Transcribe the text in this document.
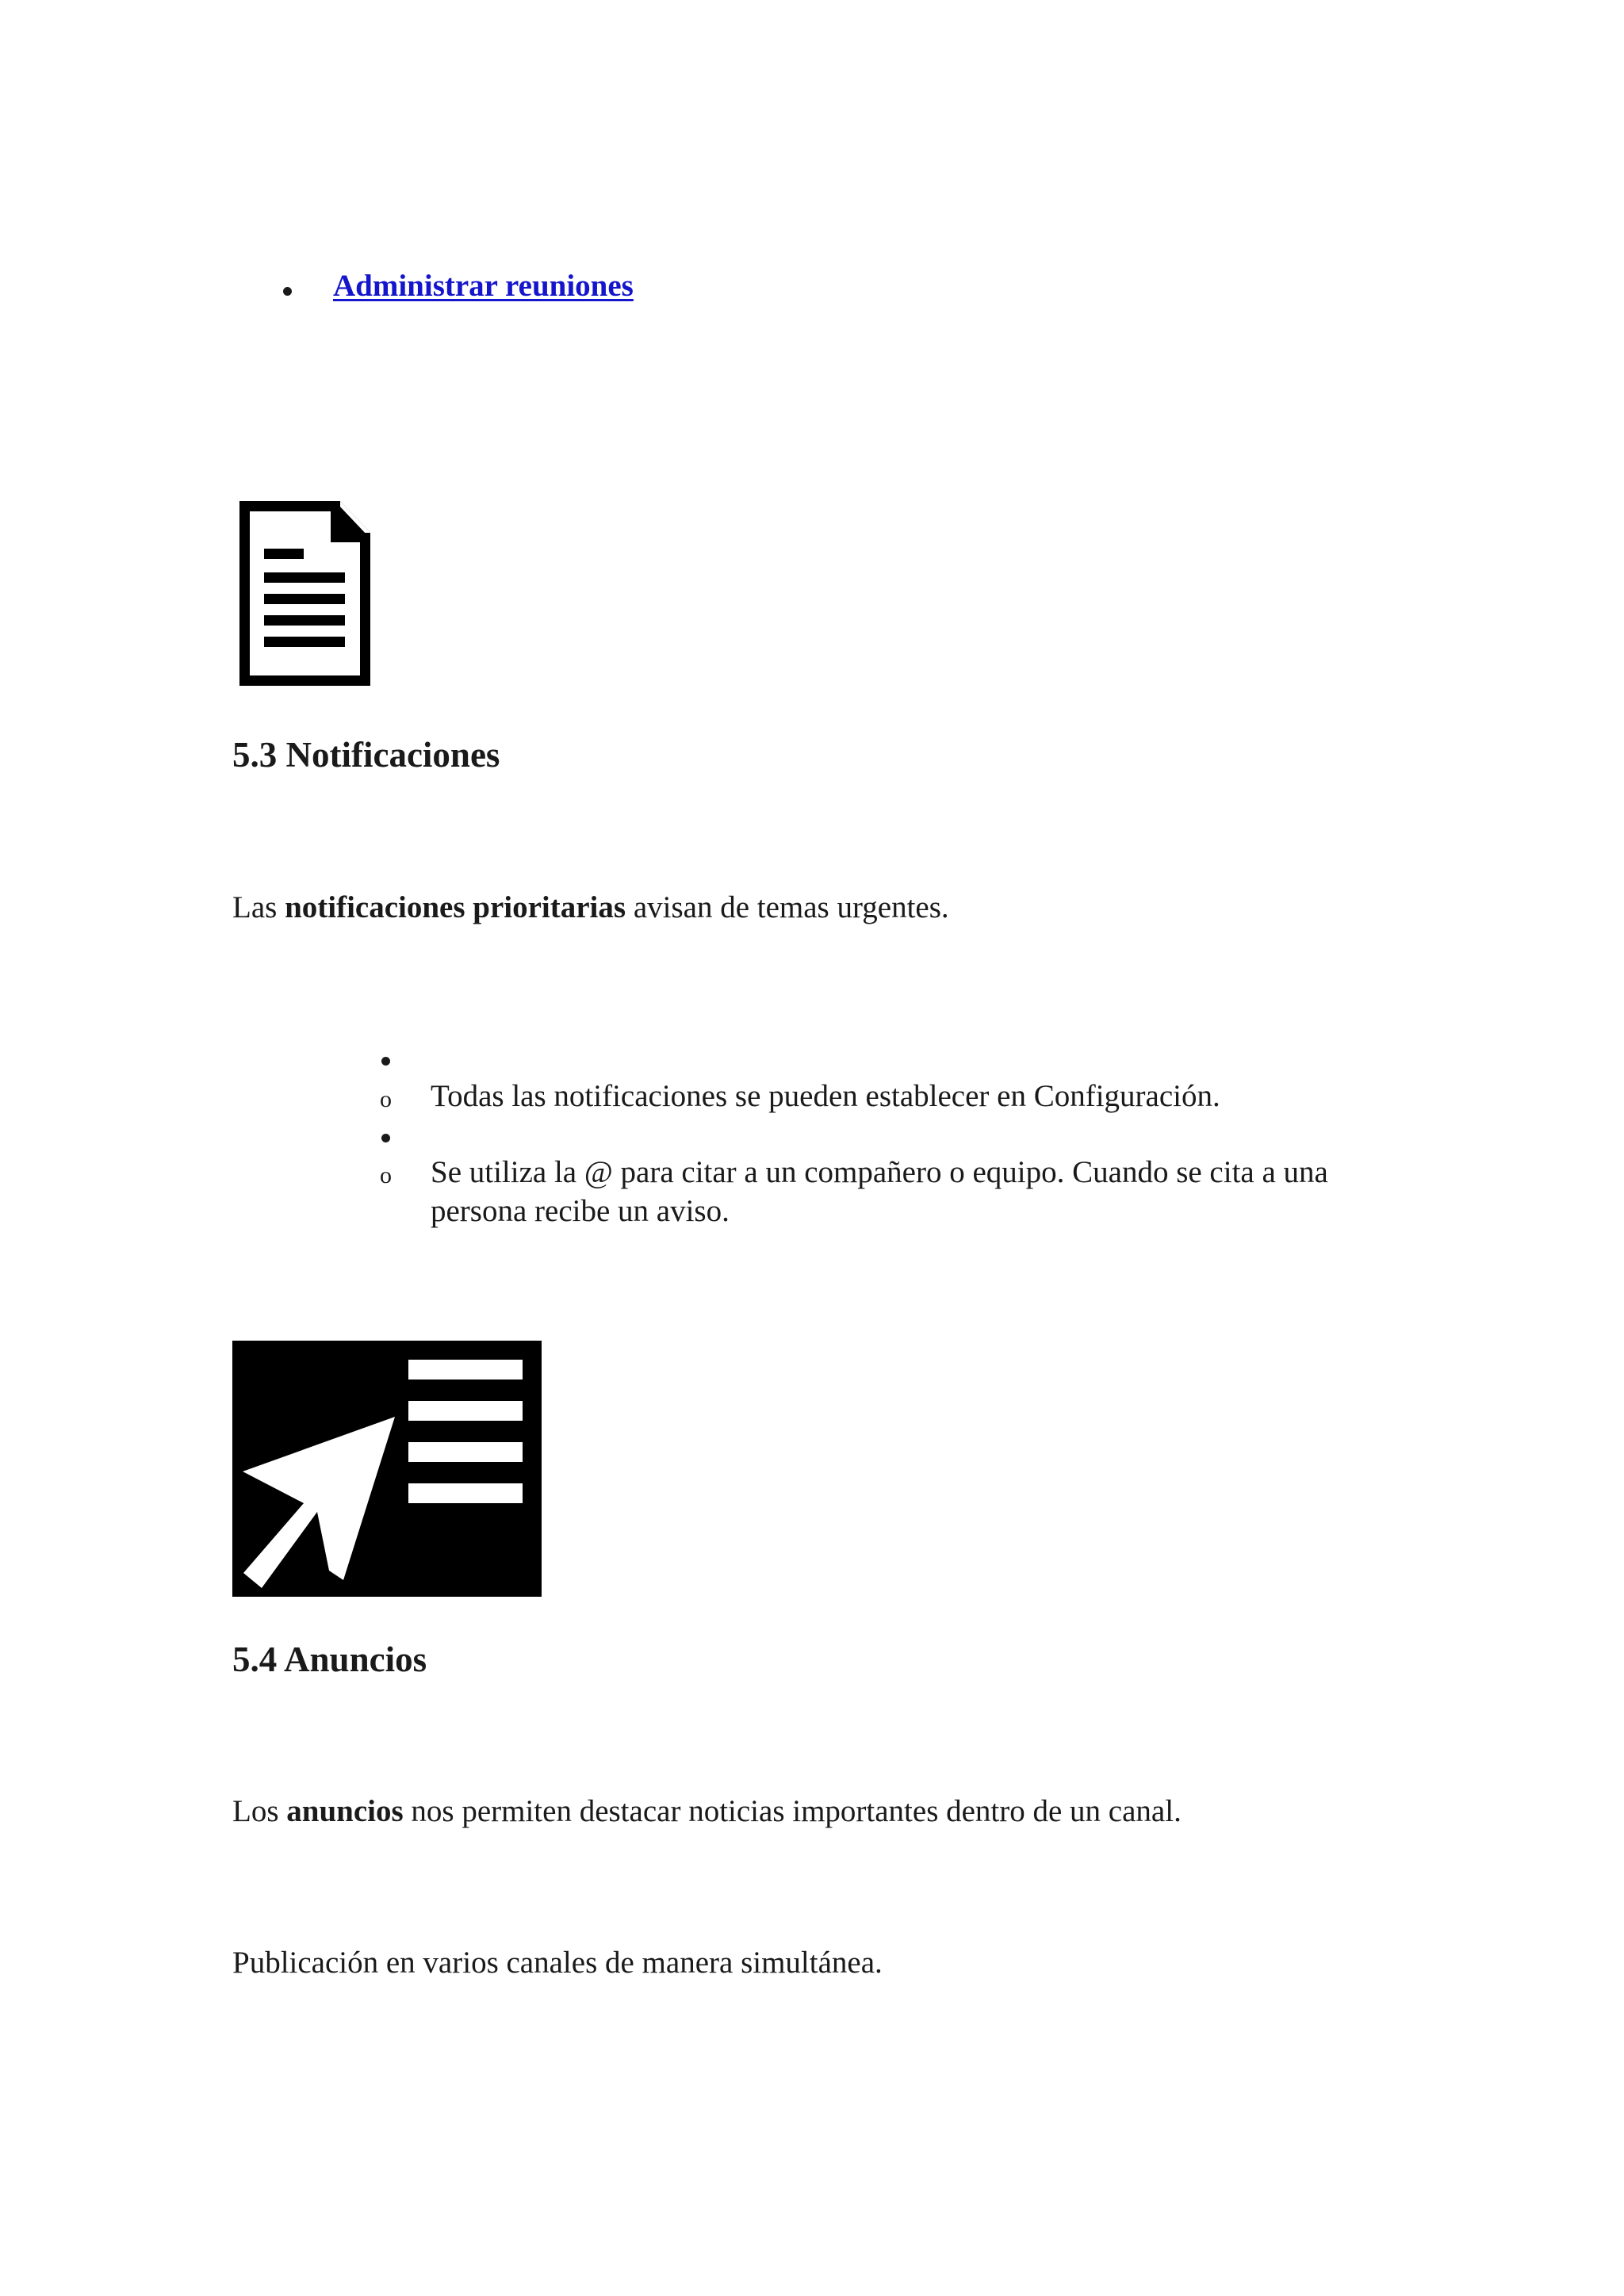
Administrar reuniones
5.3 Notificaciones
Las notificaciones prioritarias avisan de temas urgentes.
o Todas las notificaciones se pueden establecer en Configuración.
o Se utiliza la @ para citar a un compañero o equipo. Cuando se cita a una
persona recibe un aviso.
5.4 Anuncios
Los anuncios nos permiten destacar noticias importantes dentro de un canal.
Publicación en varios canales de manera simultánea.
